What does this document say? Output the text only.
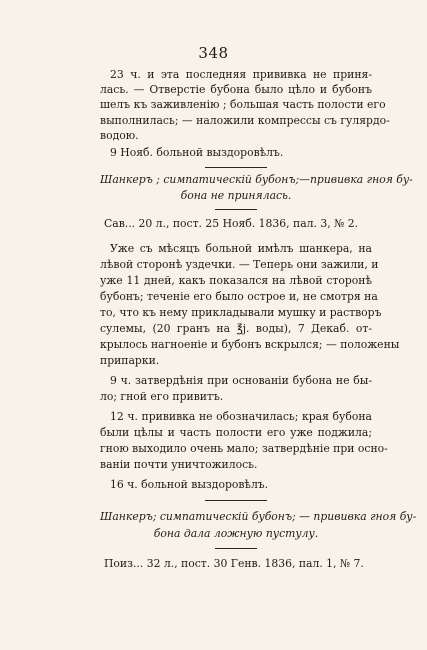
348
23 ч. и эта последняя прививка не приня-
лась. — Отверстіе бубона было цѣло и бубонъ
шелъ къ заживленію ; большая часть полости его
выполнилась; — наложили компрессы съ гулярдо-
водою.
9 Нояб. больной выздоровѣлъ.
Шанкеръ ; симпатическій бубонъ;—прививка гноя бу-
бона не принялась.
Сав... 20 л., поcт. 25 Нояб. 1836, пал. 3, № 2.
Уже съ мѣсяцъ больной имѣлъ шанкера, на
лѣвой сторонѣ уздечки. — Теперь они зажили, и
уже 11 дней, какъ показался на лѣвой сторонѣ
бубонъ; теченіе его было острое и, не смотря на
то, что къ нему прикладывали мушку и растворъ
сулемы, (20 гранъ на ℥j. воды), 7 Декаб. от-
крылось нагноеніе и бубонъ вскрылся; — положены
припарки.
9 ч. затвердѣнія при основаніи бубона не бы-
ло; гной его привитъ.
12 ч. прививка не обозначилась; края бубона
были цѣлы и часть полости его уже поджила;
гною выходило очень мало; затвердѣніе при осно-
ваніи почти уничтожилось.
16 ч. больной выздоровѣлъ.
Шанкеръ; симпатическій бубонъ; — прививка гноя бу-
бона дала ложную пустулу.
Поиз... 32 л., поcт. 30 Генв. 1836, пал. 1, № 7.
